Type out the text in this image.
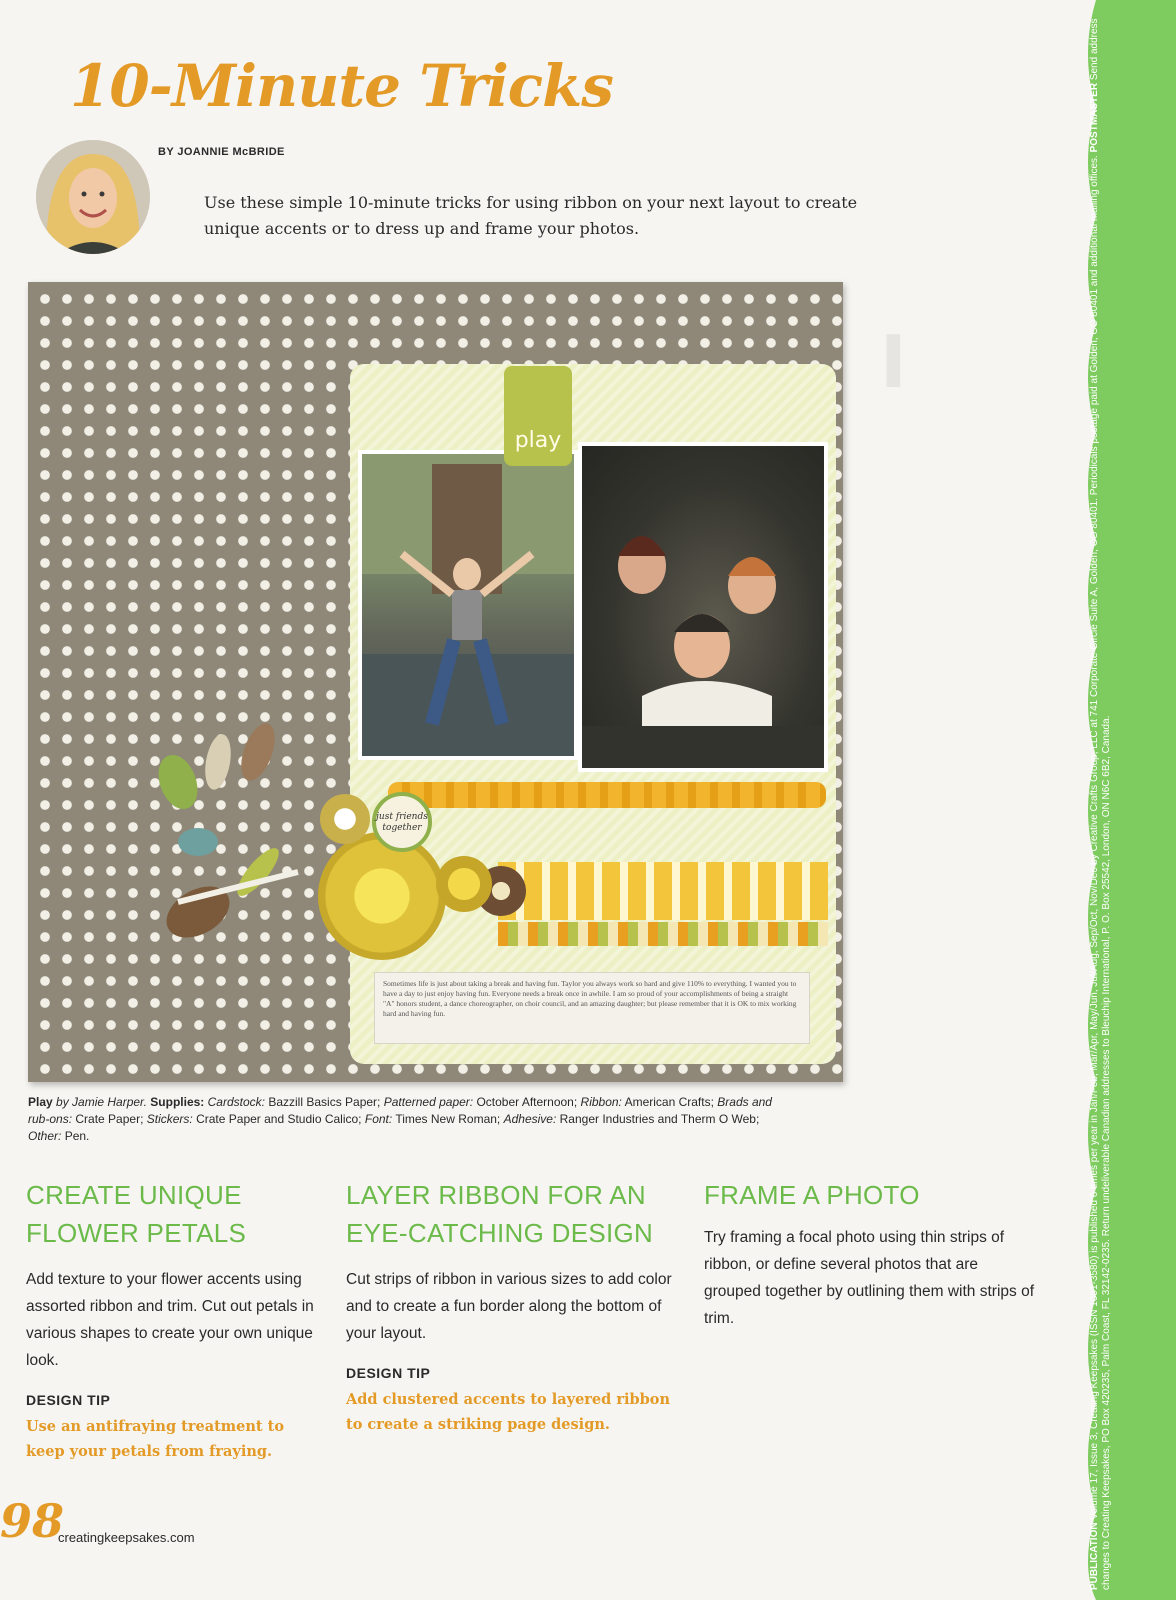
I
PUBLICATION Volume 17, Issue 3, Creating Keepsakes (ISSN 1091-3580) is published 6 times per year in Jan/Feb, Mar/Apr, May/Jun, Jul/Aug, Sep/Oct, Nov/Dec by Creative Crafts Group, LLC at 741 Corporate Circle Suite A, Golden, CO 80401. Periodicals postage paid at Golden, CO 80401 and additional mailing offices. POSTMASTER Send address changes to Creating Keepsakes, PO Box 420235, Palm Coast, FL 32142-0235. Return undeliverable Canadian addresses to Bleuchip International, P. O. Box 25542, London, ON N6C 6B2, Canada.
10-Minute Tricks
BY JOANNIE McBRIDE
Use these simple 10-minute tricks for using ribbon on your next layout to create unique accents or to dress up and frame your photos.
play
Sometimes life is just about taking a break and having fun. Taylor you always work so hard and give 110% to everything. I wanted you to have a day to just enjoy having fun. Everyone needs a break once in awhile. I am so proud of your accomplishments of being a straight "A" honors student, a dance choreographer, on choir council, and an amazing daughter; but please remember that it is OK to mix working hard and having fun.
just friends together
Play by Jamie Harper. Supplies: Cardstock: Bazzill Basics Paper; Patterned paper: October Afternoon; Ribbon: American Crafts; Brads and rub-ons: Crate Paper; Stickers: Crate Paper and Studio Calico; Font: Times New Roman; Adhesive: Ranger Industries and Therm O Web; Other: Pen.
CREATE UNIQUE
FLOWER PETALS

Add texture to your flower accents using assorted ribbon and trim. Cut out petals in various shapes to create your own unique look.

DESIGN TIP

Use an antifraying treatment to keep your petals from fraying.

LAYER RIBBON FOR AN
EYE-CATCHING DESIGN

Cut strips of ribbon in various sizes to add color and to create a fun border along the bottom of your layout.

DESIGN TIP

Add clustered accents to layered ribbon to create a striking page design.

FRAME A PHOTO

Try framing a focal photo using thin strips of ribbon, or define several photos that are grouped together by outlining them with strips of trim.

98
creatingkeepsakes.com
